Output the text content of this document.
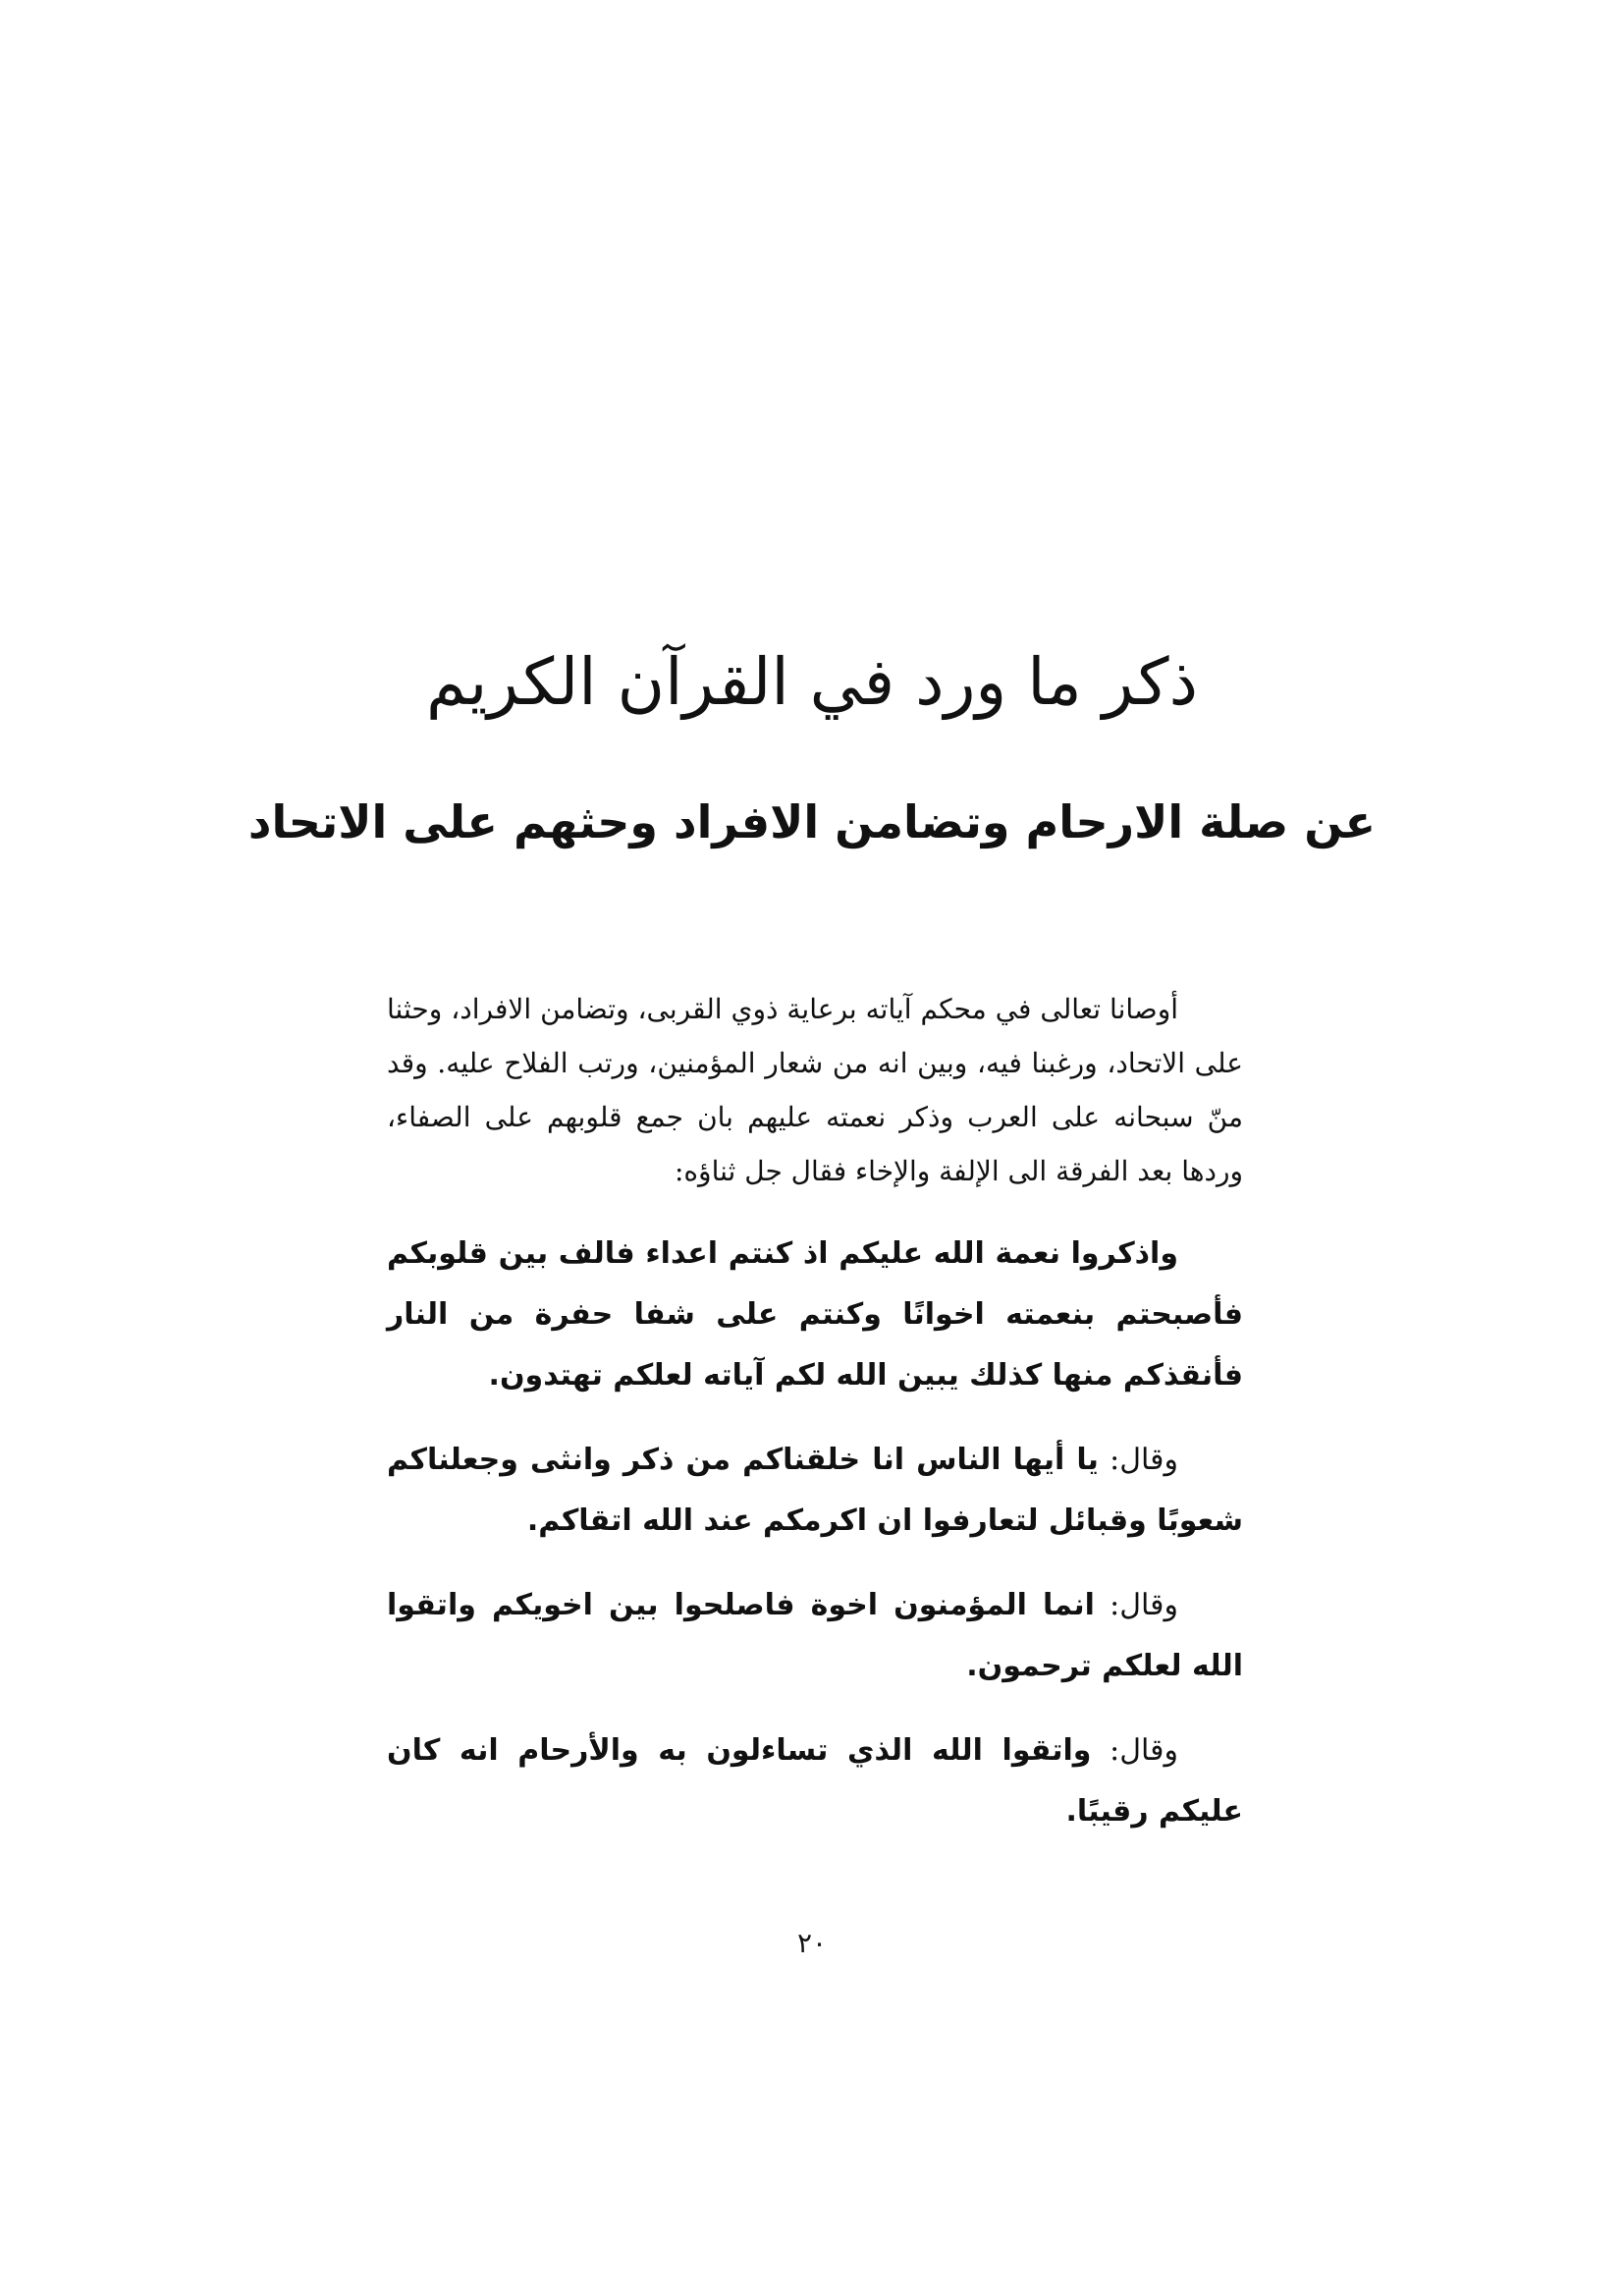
ذكر ما ورد في القرآن الكريم
عن صلة الارحام وتضامن الافراد وحثهم على الاتحاد

أوصانا تعالى في محكم آياته برعاية ذوي القربى، وتضامن الافراد، وحثنا على الاتحاد، ورغبنا فيه، وبين انه من شعار المؤمنين، ورتب الفلاح عليه. وقد منّ سبحانه على العرب وذكر نعمته عليهم بان جمع قلوبهم على الصفاء، وردها بعد الفرقة الى الإلفة والإخاء فقال جل ثناؤه:

واذكروا نعمة الله عليكم اذ كنتم اعداء فالف بين قلوبكم فأصبحتم بنعمته اخوانًا وكنتم على شفا حفرة من النار فأنقذكم منها كذلك يبين الله لكم آياته لعلكم تهتدون.

وقال: يا أيها الناس انا خلقناكم من ذكر وانثى وجعلناكم شعوبًا وقبائل لتعارفوا ان اكرمكم عند الله اتقاكم.

وقال: انما المؤمنون اخوة فاصلحوا بين اخويكم واتقوا الله لعلكم ترحمون.

وقال: واتقوا الله الذي تساءلون به والأرحام انه كان عليكم رقيبًا.

٢٠
